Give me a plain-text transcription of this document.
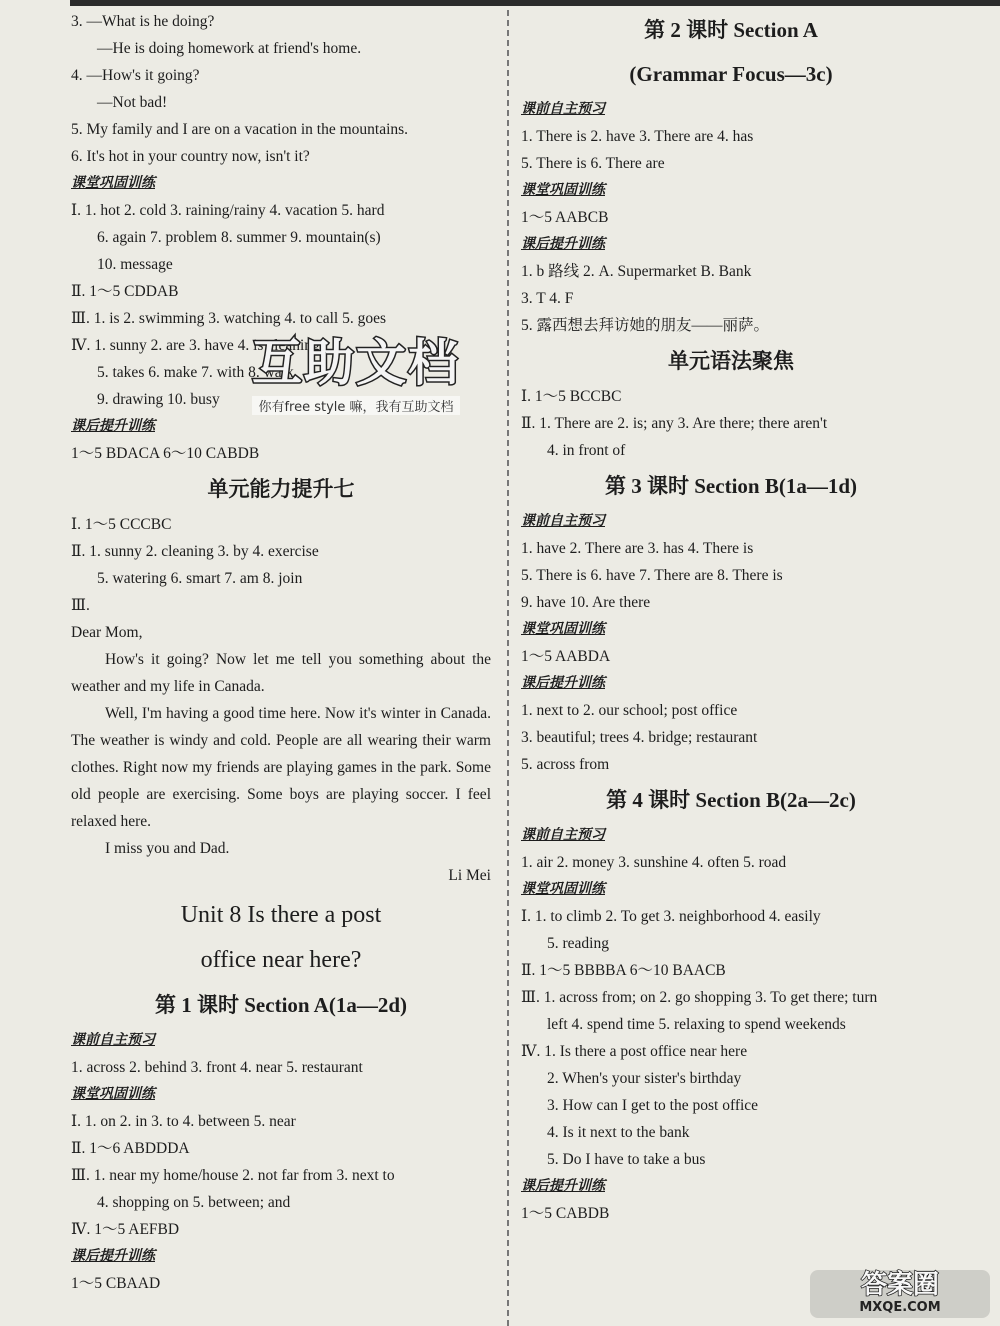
3. —What is he doing?
—He is doing homework at friend's home.
4. —How's it going?
—Not bad!
5. My family and I are on a vacation in the mountains.
6. It's hot in your country now, isn't it?
课堂巩固训练
Ⅰ. 1. hot 2. cold 3. raining/rainy 4. vacation 5. hard
6. again 7. problem 8. summer 9. mountain(s)
10. message
Ⅱ. 1～5 CDDAB
Ⅲ. 1. is 2. swimming 3. watching 4. to call 5. goes
Ⅳ. 1. sunny 2. are 3. have 4. is cleaning
5. takes 6. make 7. with 8. walk
9. drawing 10. busy
课后提升训练
1～5 BDACA 6～10 CABDB
单元能力提升七
Ⅰ. 1～5 CCCBC
Ⅱ. 1. sunny 2. cleaning 3. by 4. exercise
5. watering 6. smart 7. am 8. join
Ⅲ.
Dear Mom,
How's it going? Now let me tell you something about the weather and my life in Canada.
Well, I'm having a good time here. Now it's winter in Canada. The weather is windy and cold. People are all wearing their warm clothes. Right now my friends are playing games in the park. Some old people are exercising. Some boys are playing soccer. I feel relaxed here.
I miss you and Dad.
Li Mei
Unit 8 Is there a post
office near here?
第 1 课时 Section A(1a—2d)
课前自主预习
1. across 2. behind 3. front 4. near 5. restaurant
课堂巩固训练
Ⅰ. 1. on 2. in 3. to 4. between 5. near
Ⅱ. 1～6 ABDDDA
Ⅲ. 1. near my home/house 2. not far from 3. next to
4. shopping on 5. between; and
Ⅳ. 1～5 AEFBD
课后提升训练
1～5 CBAAD
第 2 课时 Section A
(Grammar Focus—3c)
课前自主预习
1. There is 2. have 3. There are 4. has
5. There is 6. There are
课堂巩固训练
1～5 AABCB
课后提升训练
1. b 路线 2. A. Supermarket B. Bank
3. T 4. F
5. 露西想去拜访她的朋友——丽萨。
单元语法聚焦
Ⅰ. 1～5 BCCBC
Ⅱ. 1. There are 2. is; any 3. Are there; there aren't
4. in front of
第 3 课时 Section B(1a—1d)
课前自主预习
1. have 2. There are 3. has 4. There is
5. There is 6. have 7. There are 8. There is
9. have 10. Are there
课堂巩固训练
1～5 AABDA
课后提升训练
1. next to 2. our school; post office
3. beautiful; trees 4. bridge; restaurant
5. across from
第 4 课时 Section B(2a—2c)
课前自主预习
1. air 2. money 3. sunshine 4. often 5. road
课堂巩固训练
Ⅰ. 1. to climb 2. To get 3. neighborhood 4. easily
5. reading
Ⅱ. 1～5 BBBBA 6～10 BAACB
Ⅲ. 1. across from; on 2. go shopping 3. To get there; turn
left 4. spend time 5. relaxing to spend weekends
Ⅳ. 1. Is there a post office near here
2. When's your sister's birthday
3. How can I get to the post office
4. Is it next to the bank
5. Do I have to take a bus
课后提升训练
1～5 CABDB
互助文档
你有free style 嘛，我有互助文档
答案圈
MXQE.COM
